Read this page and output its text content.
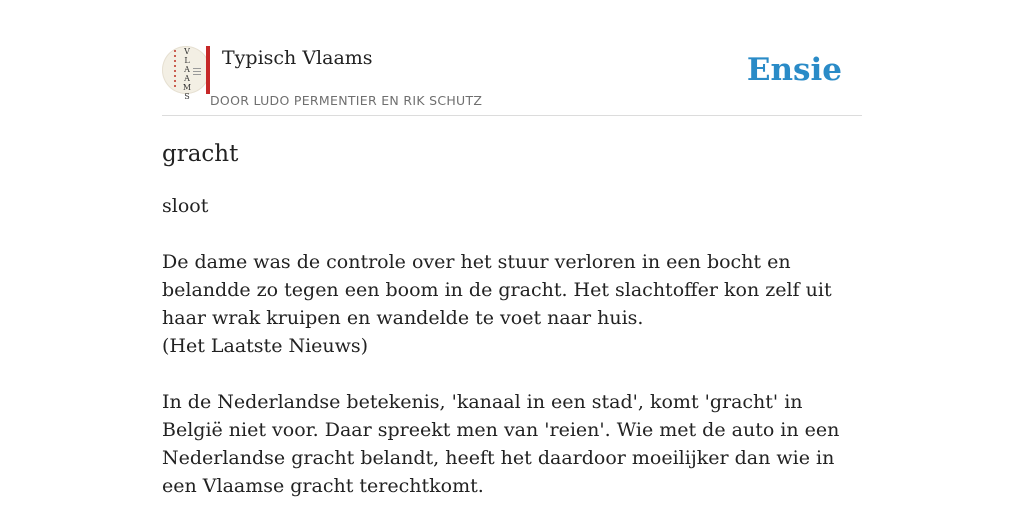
V
L
A
A
M
S
Typisch Vlaams
DOOR LUDO PERMENTIER EN RIK SCHUTZ
Ensie
gracht

sloot

De dame was de controle over het stuur verloren in een bocht en belandde zo tegen een boom in de gracht. Het slachtoffer kon zelf uit haar wrak kruipen en wandelde te voet naar huis.
(Het Laatste Nieuws)

In de Nederlandse betekenis, 'kanaal in een stad', komt 'gracht' in België niet voor. Daar spreekt men van 'reien'. Wie met de auto in een Nederlandse gracht belandt, heeft het daardoor moeilijker dan wie in een Vlaamse gracht terechtkomt.
